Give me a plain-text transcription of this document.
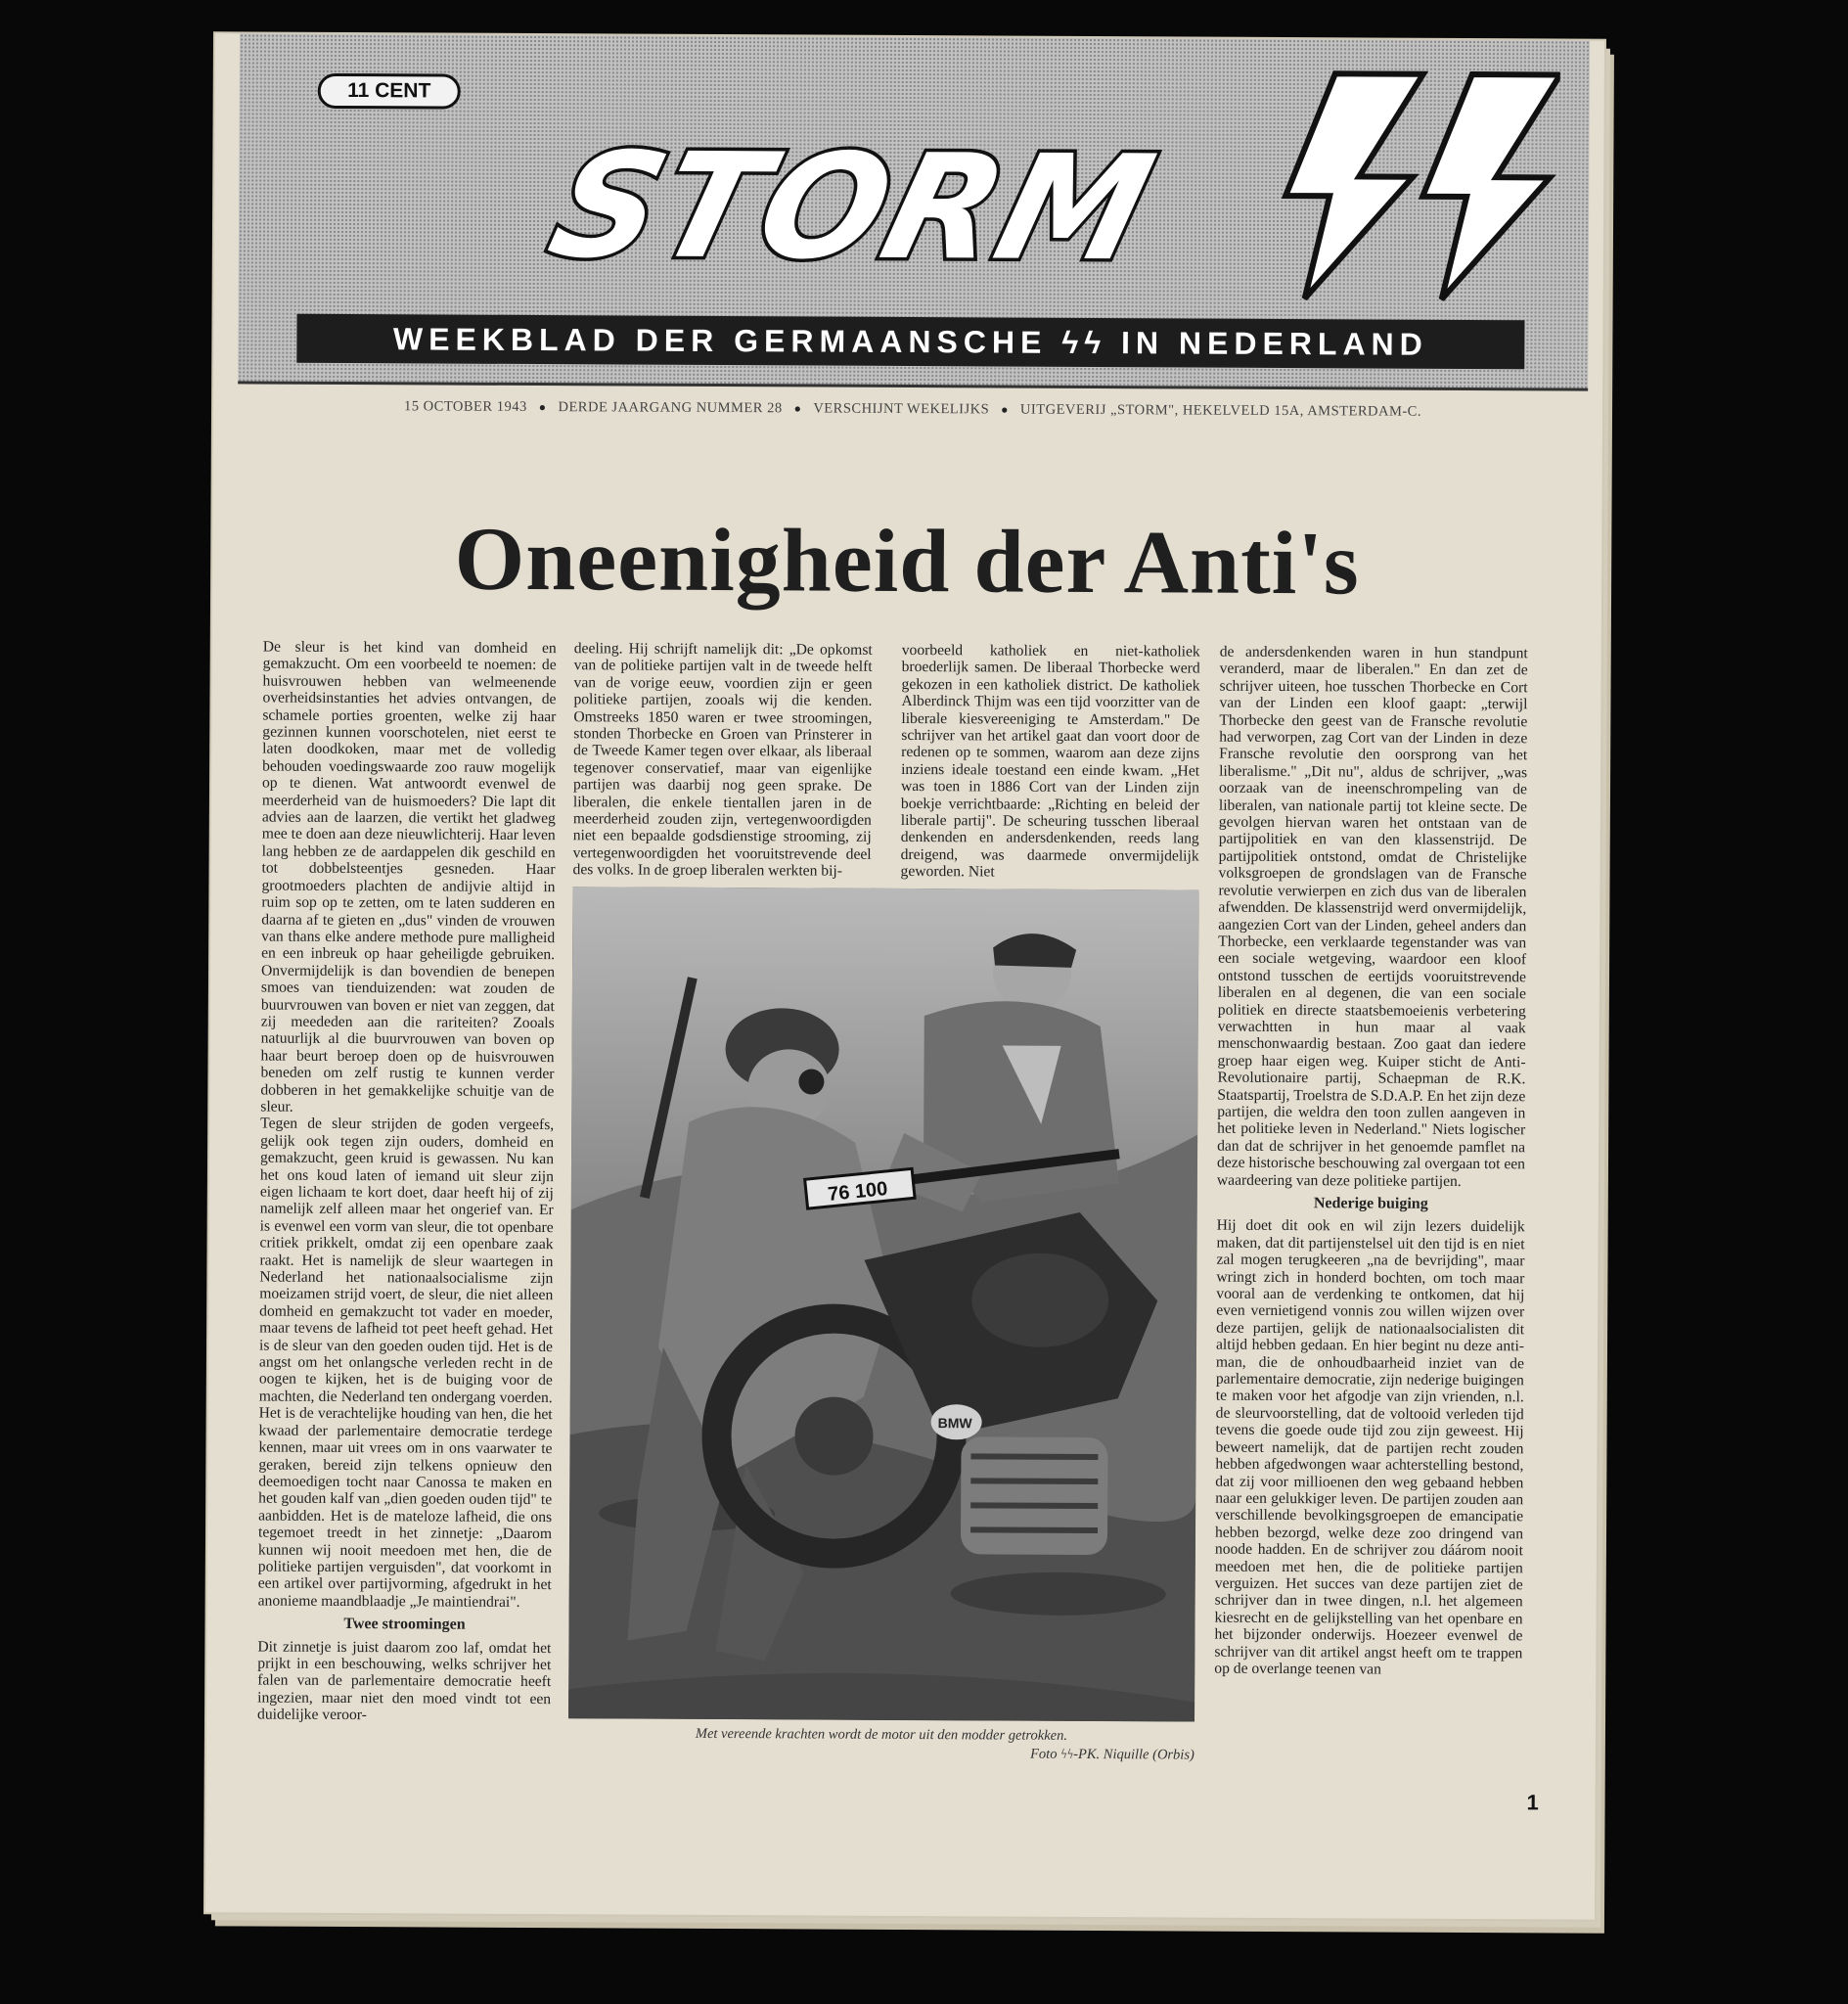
11 CENT
STORM
WEEKBLAD DER GERMAANSCHE ϟϟ IN NEDERLAND
15 OCTOBER 1943 ● DERDE JAARGANG NUMMER 28 ● VERSCHIJNT WEKELIJKS ● UITGEVERIJ „STORM", HEKELVELD 15A, AMSTERDAM-C.
Oneenigheid der Anti's

De sleur is het kind van domheid en gemakzucht. Om een voorbeeld te noemen: de huisvrouwen hebben van welmeenende overheidsinstanties het advies ontvangen, de schamele porties groenten, welke zij haar gezinnen kunnen voorschotelen, niet eerst te laten doodkoken, maar met de volledig behouden voedingswaarde zoo rauw mogelijk op te dienen. Wat antwoordt evenwel de meerderheid van de huismoeders? Die lapt dit advies aan de laarzen, die vertikt het gladweg mee te doen aan deze nieuwlichterij. Haar leven lang hebben ze de aardappelen dik geschild en tot dobbelsteentjes gesneden. Haar grootmoeders plachten de andijvie altijd in ruim sop op te zetten, om te laten sudderen en daarna af te gieten en „dus" vinden de vrouwen van thans elke andere methode pure malligheid en een inbreuk op haar geheiligde gebruiken. Onvermijdelijk is dan bovendien de benepen smoes van tienduizenden: wat zouden de buurvrouwen van boven er niet van zeggen, dat zij meededen aan die rariteiten? Zooals natuurlijk al die buurvrouwen van boven op haar beurt beroep doen op de huisvrouwen beneden om zelf rustig te kunnen verder dobberen in het gemakkelijke schuitje van de sleur.

Tegen de sleur strijden de goden vergeefs, gelijk ook tegen zijn ouders, domheid en gemakzucht, geen kruid is gewassen. Nu kan het ons koud laten of iemand uit sleur zijn eigen lichaam te kort doet, daar heeft hij of zij namelijk zelf alleen maar het ongerief van. Er is evenwel een vorm van sleur, die tot openbare critiek prikkelt, omdat zij een openbare zaak raakt. Het is namelijk de sleur waartegen in Nederland het nationaalsocialisme zijn moeizamen strijd voert, de sleur, die niet alleen domheid en gemakzucht tot vader en moeder, maar tevens de lafheid tot peet heeft gehad. Het is de sleur van den goeden ouden tijd. Het is de angst om het onlangsche verleden recht in de oogen te kijken, het is de buiging voor de machten, die Nederland ten ondergang voerden. Het is de verachtelijke houding van hen, die het kwaad der parlementaire democratie terdege kennen, maar uit vrees om in ons vaarwater te geraken, bereid zijn telkens opnieuw den deemoedigen tocht naar Canossa te maken en het gouden kalf van „dien goeden ouden tijd" te aanbidden. Het is de mateloze lafheid, die ons tegemoet treedt in het zinnetje: „Daarom kunnen wij nooit meedoen met hen, die de politieke partijen verguisden", dat voorkomt in een artikel over partijvorming, afgedrukt in het anonieme maandblaadje „Je maintiendrai".

Twee stroomingen

Dit zinnetje is juist daarom zoo laf, omdat het prijkt in een beschouwing, welks schrijver het falen van de parlementaire democratie heeft ingezien, maar niet den moed vindt tot een duidelijke veroor-

deeling. Hij schrijft namelijk dit: „De opkomst van de politieke partijen valt in de tweede helft van de vorige eeuw, voordien zijn er geen politieke partijen, zooals wij die kenden. Omstreeks 1850 waren er twee stroomingen, stonden Thorbecke en Groen van Prinsterer in de Tweede Kamer tegen over elkaar, als liberaal tegenover conservatief, maar van eigenlijke partijen was daarbij nog geen sprake. De liberalen, die enkele tientallen jaren in de meerderheid zouden zijn, vertegenwoordigden niet een bepaalde godsdienstige strooming, zij vertegenwoordigden het vooruitstrevende deel des volks. In de groep liberalen werkten bij-

voorbeeld katholiek en niet-katholiek broederlijk samen. De liberaal Thorbecke werd gekozen in een katholiek district. De katholiek Alberdinck Thijm was een tijd voorzitter van de liberale kiesvereeniging te Amsterdam." De schrijver van het artikel gaat dan voort door de redenen op te sommen, waarom aan deze zijns inziens ideale toestand een einde kwam. „Het was toen in 1886 Cort van der Linden zijn boekje verrichtbaarde: „Richting en beleid der liberale partij". De scheuring tusschen liberaal denkenden en andersdenkenden, reeds lang dreigend, was daarmede onvermijdelijk geworden. Niet

de andersdenkenden waren in hun standpunt veranderd, maar de liberalen." En dan zet de schrijver uiteen, hoe tusschen Thorbecke en Cort van der Linden een kloof gaapt: „terwijl Thorbecke den geest van de Fransche revolutie had verworpen, zag Cort van der Linden in deze Fransche revolutie den oorsprong van het liberalisme." „Dit nu", aldus de schrijver, „was oorzaak van de ineenschrompeling van de liberalen, van nationale partij tot kleine secte. De gevolgen hiervan waren het ontstaan van de partijpolitiek en van den klassenstrijd. De partijpolitiek ontstond, omdat de Christelijke volksgroepen de grondslagen van de Fransche revolutie verwierpen en zich dus van de liberalen afwendden. De klassenstrijd werd onvermijdelijk, aangezien Cort van der Linden, geheel anders dan Thorbecke, een verklaarde tegenstander was van een sociale wetgeving, waardoor een kloof ontstond tusschen de eertijds vooruitstrevende liberalen en al degenen, die van een sociale politiek en directe staatsbemoeienis verbetering verwachtten in hun maar al vaak menschonwaardig bestaan. Zoo gaat dan iedere groep haar eigen weg. Kuiper sticht de Anti-Revolutionaire partij, Schaepman de R.K. Staatspartij, Troelstra de S.D.A.P. En het zijn deze partijen, die weldra den toon zullen aangeven in het politieke leven in Nederland." Niets logischer dan dat de schrijver in het genoemde pamflet na deze historische beschouwing zal overgaan tot een waardeering van deze politieke partijen.

Nederige buiging

Hij doet dit ook en wil zijn lezers duidelijk maken, dat dit partijenstelsel uit den tijd is en niet zal mogen terugkeeren „na de bevrijding", maar wringt zich in honderd bochten, om toch maar vooral aan de verdenking te ontkomen, dat hij even vernietigend vonnis zou willen wijzen over deze partijen, gelijk de nationaalsocialisten dit altijd hebben gedaan. En hier begint nu deze anti-man, die de onhoudbaarheid inziet van de parlementaire democratie, zijn nederige buigingen te maken voor het afgodje van zijn vrienden, n.l. de sleurvoorstelling, dat de voltooid verleden tijd tevens die goede oude tijd zou zijn geweest. Hij beweert namelijk, dat de partijen recht zouden hebben afgedwongen waar achterstelling bestond, dat zij voor millioenen den weg gebaand hebben naar een gelukkiger leven. De partijen zouden aan verschillende bevolkingsgroepen de emancipatie hebben bezorgd, welke deze zoo dringend van noode hadden. En de schrijver zou dáárom nooit meedoen met hen, die de politieke partijen verguizen. Het succes van deze partijen ziet de schrijver dan in twee dingen, n.l. het algemeen kiesrecht en de gelijkstelling van het openbare en het bijzonder onderwijs. Hoezeer evenwel de schrijver van dit artikel angst heeft om te trappen op de overlange teenen van

76 100
BMW
Met vereende krachten wordt de motor uit den modder getrokken.
Foto ϟϟ-PK. Niquille (Orbis)
1
